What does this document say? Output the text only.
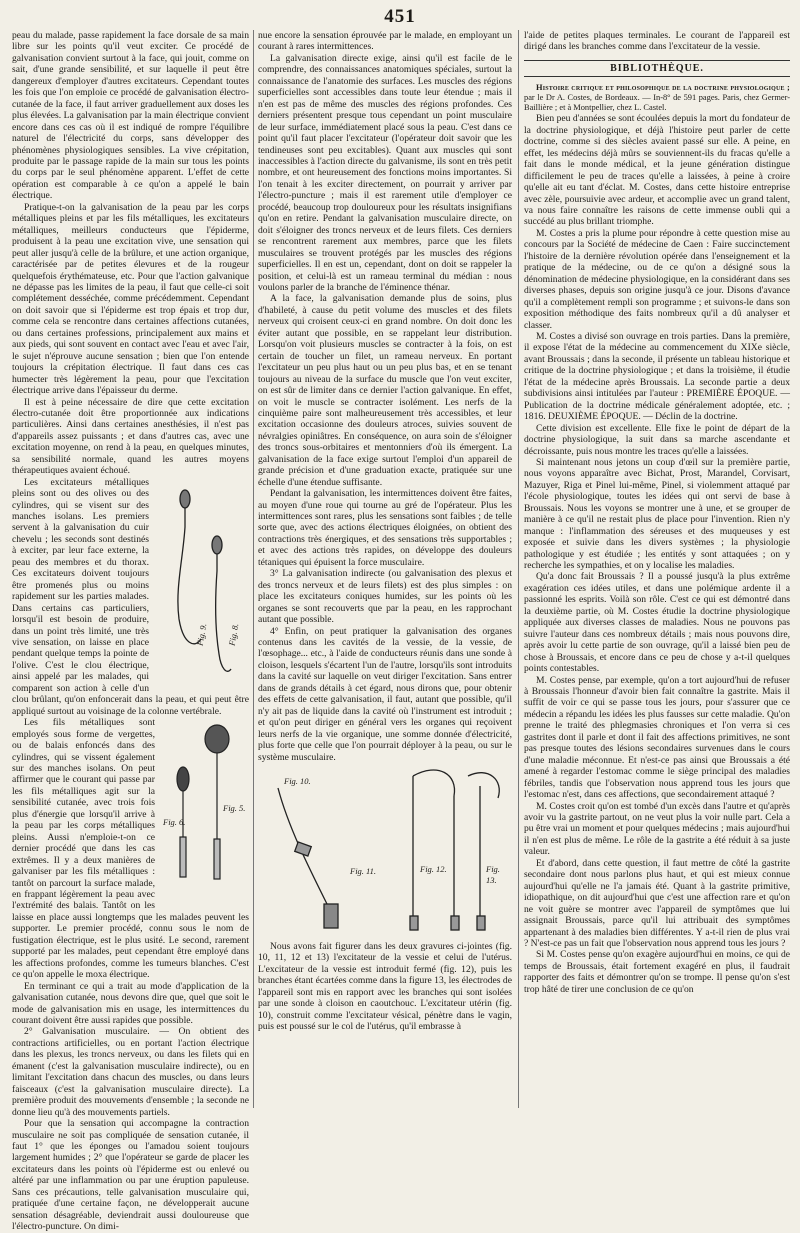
451

peau du malade, passe rapidement la face dorsale de sa main libre sur les points qu'il veut exciter. Ce procédé de galvanisation convient surtout à la face, qui jouit, comme on sait, d'une grande sensibilité, et sur laquelle il peut être dangereux d'employer d'autres excitateurs. Cependant toutes les fois que l'on emploie ce procédé de galvanisation électro-cutanée de la face, il faut arriver graduellement aux doses les plus élevées. La galvanisation par la main électrique convient encore dans ces cas où il est indiqué de rompre l'équilibre naturel de l'électricité du corps, sans développer des phénomènes physiologiques sensibles. La vive crépitation, produite par le passage rapide de la main sur tous les points du corps par le seul phénomène apparent. L'effet de cette opération est comparable à ce qu'on a appelé le bain électrique.

Pratique-t-on la galvanisation de la peau par les corps métalliques pleins et par les fils métalliques, les excitateurs métalliques, meilleurs conducteurs que l'épiderme, produisent à la peau une excitation vive, une sensation qui peut aller jusqu'à celle de la brûlure, et une action organique, caractérisée par de petites élevures et de la rougeur quelquefois érythémateuse, etc. Pour que l'action galvanique ne dépasse pas les limites de la peau, il faut que celle-ci soit complétement desséchée, comme précédemment. Cependant on doit savoir que si l'épiderme est trop épais et trop dur, comme cela se rencontre dans certaines affections cutanées, ou dans certaines professions, principalement aux mains et aux pieds, qui sont souvent en contact avec l'eau et avec l'air, le sujet n'éprouve aucune sensation ; bien que l'on entende toujours la crépitation électrique. Il faut dans ces cas humecter très légèrement la peau, pour que l'excitation électrique arrive dans l'épaisseur du derme.

Il est à peine nécessaire de dire que cette excitation électro-cutanée doit être proportionnée aux indications particulières. Ainsi dans certaines anesthésies, il n'est pas d'appareils assez puissants ; et dans d'autres cas, avec une excitation moyenne, on rend à la peau, en quelques minutes, sa sensibilité normale, quand les autres moyens thérapeutiques avaient échoué.

Fig. 9. Fig. 8.

Les excitateurs métalliques pleins sont ou des olives ou des cylindres, qui se visent sur des manches isolans. Les premiers servent à la galvanisation du cuir chevelu ; les seconds sont destinés à exciter, par leur face externe, la peau des membres et du thorax. Ces excitateurs doivent toujours être promenés plus ou moins rapidement sur les parties malades. Dans certains cas particuliers, lorsqu'il est besoin de produire, dans un point très limité, une très vive sensation, on laisse en place pendant quelque temps la pointe de l'olive. C'est le clou électrique, ainsi appelé par les malades, qui comparent son action à celle d'un clou brûlant, qu'on enfoncerait dans la peau, et qui peut être appliqué surtout au voisinage de la colonne vertébrale.

Fig. 5.
Fig. 6.

Les fils métalliques sont employés sous forme de vergettes, ou de balais enfoncés dans des cylindres, qui se vissent également sur des manches isolans. On peut affirmer que le courant qui passe par les fils métalliques agit sur la sensibilité cutanée, avec trois fois plus d'énergie que lorsqu'il arrive à la peau par les corps métalliques pleins. Aussi n'emploie-t-on ce dernier procédé que dans les cas extrêmes. Il y a deux manières de galvaniser par les fils métalliques : tantôt on parcourt la surface malade, en frappant légèrement la peau avec l'extrémité des balais. Tantôt on les laisse en place aussi longtemps que les malades peuvent les supporter. Le premier procédé, connu sous le nom de fustigation électrique, est le plus usité. Le second, rarement supporté par les malades, peut cependant être employé dans les affections profondes, comme les tumeurs blanches. C'est ce qu'on appelle le moxa électrique.

En terminant ce qui a trait au mode d'application de la galvanisation cutanée, nous devons dire que, quel que soit le mode de galvanisation mis en usage, les intermittences du courant doivent être aussi rapides que possible.

2° Galvanisation musculaire. — On obtient des contractions artificielles, ou en portant l'action électrique dans les plexus, les troncs nerveux, ou dans les filets qui en émanent (c'est la galvanisation musculaire indirecte), ou en limitant l'excitation dans chacun des muscles, ou dans leurs faisceaux (c'est la galvanisation musculaire directe). La première produit des mouvements d'ensemble ; la seconde ne donne lieu qu'à des mouvements partiels.

Pour que la sensation qui accompagne la contraction musculaire ne soit pas compliquée de sensation cutanée, il faut 1° que les éponges ou l'amadou soient toujours largement humides ; 2° que l'opérateur se garde de placer les excitateurs dans les points où l'épiderme est ou enlevé ou altéré par une inflammation ou par une éruption papuleuse. Sans ces précautions, telle galvanisation musculaire qui, pratiquée d'une certaine façon, ne développerait aucune sensation désagréable, deviendrait aussi douloureuse que l'électro-puncture. On dimi-

nue encore la sensation éprouvée par le malade, en employant un courant à rares intermittences.

La galvanisation directe exige, ainsi qu'il est facile de le comprendre, des connaissances anatomiques spéciales, surtout la connaissance de l'anatomie des surfaces. Les muscles des régions superficielles sont accessibles dans toute leur étendue ; mais il n'en est pas de même des muscles des régions profondes. Ces derniers présentent presque tous cependant un point musculaire de leur surface, immédiatement placé sous la peau. C'est dans ce point qu'il faut placer l'excitateur (l'opérateur doit savoir que les tendineuses sont peu excitables). Quant aux muscles qui sont inaccessibles à l'action directe du galvanisme, ils sont en très petit nombre, et ont heureusement des fonctions moins importantes. Si l'on tenait à les exciter directement, on pourrait y arriver par l'électro-puncture ; mais il est rarement utile d'employer ce procédé, beaucoup trop douloureux pour les résultats insignifians qu'on en retire. Pendant la galvanisation musculaire directe, on doit s'éloigner des troncs nerveux et de leurs filets. Ces derniers se rencontrent rarement aux membres, parce que les filets musculaires se trouvent protégés par les muscles des régions superficielles. Il en est un, cependant, dont on doit se rappeler la position, et celui-là est un rameau terminal du médian : nous voulons parler de la branche de l'éminence thénar.

A la face, la galvanisation demande plus de soins, plus d'habileté, à cause du petit volume des muscles et des filets nerveux qui croisent ceux-ci en grand nombre. On doit donc les éviter autant que possible, en se rappelant leur distribution. Lorsqu'on voit plusieurs muscles se contracter à la fois, on est certain de toucher un filet, un rameau nerveux. En portant l'excitateur un peu plus haut ou un peu plus bas, et en se tenant toujours au niveau de la surface du muscle que l'on veut exciter, on est sûr de limiter dans ce dernier l'action galvanique. En effet, on voit le muscle se contracter isolément. Les nerfs de la cinquième paire sont malheureusement très accessibles, et leur excitation occasionne des douleurs atroces, suivies souvent de névralgies opiniâtres. En conséquence, on aura soin de s'éloigner des troncs sous-orbitaires et mentonniers d'où ils émergent. La galvanisation de la face exige surtout l'emploi d'un appareil de grande précision et d'une graduation exacte, pratiquée sur une échelle d'une étendue suffisante.

Pendant la galvanisation, les intermittences doivent être faites, au moyen d'une roue qui tourne au gré de l'opérateur. Plus les intermittences sont rares, plus les sensations sont faibles ; de telle sorte que, avec des actions électriques éloignées, on obtient des contractions très énergiques, et des sensations très supportables ; et avec des actions très rapides, on développe des douleurs tétaniques qui épuisent la force musculaire.

3° La galvanisation indirecte (ou galvanisation des plexus et des troncs nerveux et de leurs filets) est des plus simples : on place les excitateurs coniques humides, sur les points où les organes se sont recouverts que par la peau, en les rapprochant autant que possible.

4° Enfin, on peut pratiquer la galvanisation des organes contenus dans les cavités de la vessie, de la vessie, de l'œsophage... etc., à l'aide de conducteurs réunis dans une sonde à cloison, lesquels s'écartent l'un de l'autre, lorsqu'ils sont introduits dans la cavité sur laquelle on veut diriger l'excitation. Sans entrer dans de grands détails à cet égard, nous dirons que, pour obtenir des effets de cette galvanisation, il faut, autant que possible, qu'il n'y ait pas de liquide dans la cavité où l'instrument est introduit ; et qu'on peut diriger en général vers les organes qui reçoivent leurs nerfs de la vie organique, une somme donnée d'électricité, plus forte que celle que l'on pourrait déployer à la peau, ou sur le système musculaire.

Fig. 10.
Fig. 11.	Fig. 12.	Fig. 13.

Nous avons fait figurer dans les deux gravures ci-jointes (fig. 10, 11, 12 et 13) l'excitateur de la vessie et celui de l'utérus. L'excitateur de la vessie est introduit fermé (fig. 12), puis les branches étant écartées comme dans la figure 13, les électrodes de l'appareil sont mis en rapport avec les branches qui sont isolées par une sonde à cloison en caoutchouc. L'excitateur utérin (fig. 10), construit comme l'excitateur vésical, pénètre dans le vagin, puis est poussé sur le col de l'utérus, qu'il embrasse à

l'aide de petites plaques terminales. Le courant de l'appareil est dirigé dans les branches comme dans l'excitateur de la vessie.

BIBLIOTHÈQUE.

Histoire critique et philosophique de la doctrine physiologique ; par le Dr A. Costes, de Bordeaux. — In-8° de 591 pages. Paris, chez Germer-Baillière ; et à Montpellier, chez L. Castel.

Bien peu d'années se sont écoulées depuis la mort du fondateur de la doctrine physiologique, et déjà l'histoire peut parler de cette doctrine, comme si des siècles avaient passé sur elle. A peine, en effet, les médecins déjà mûrs se souviennent-ils du fracas qu'elle a fait dans le monde médical, et la jeune génération distingue difficilement le peu de traces qu'elle a laissées, à peine à croire qu'elle ait eu tant d'éclat. M. Costes, dans cette histoire entreprise avec zèle, poursuivie avec ardeur, et accomplie avec un grand talent, va nous faire connaître les raisons de cette immense oubli qui a succédé au plus brillant triomphe.

M. Costes a pris la plume pour répondre à cette question mise au concours par la Société de médecine de Caen : Faire succinctement l'histoire de la dernière révolution opérée dans l'enseignement et la pratique de la médecine, ou de ce qu'on a désigné sous la dénomination de médecine physiologique, en la considérant dans ses diverses phases, depuis son origine jusqu'à ce jour. Disons d'avance qu'il a complètement rempli son programme ; et suivons-le dans son exposition méthodique des faits nombreux qu'il a dû analyser et classer.

M. Costes a divisé son ouvrage en trois parties. Dans la première, il expose l'état de la médecine au commencement du XIXe siècle, avant Broussais ; dans la seconde, il présente un tableau historique et critique de la doctrine physiologique ; et dans la troisième, il étudie l'état de la médecine après Broussais. La seconde partie a deux subdivisions ainsi intitulées par l'auteur : PREMIÈRE ÉPOQUE. — Publication de la doctrine médicale généralement adoptée, etc. ; 1816. DEUXIÈME ÉPOQUE. — Déclin de la doctrine.

Cette division est excellente. Elle fixe le point de départ de la doctrine physiologique, la suit dans sa marche ascendante et décroissante, puis nous montre les traces qu'elle a laissées.

Si maintenant nous jetons un coup d'œil sur la première partie, nous voyons apparaître avec Bichat, Prost, Marandel, Corvisart, Mazuyer, Riga et Pinel lui-même, Pinel, si violemment attaqué par l'école physiologique, toutes les idées qui ont servi de base à Broussais. Nous les voyons se montrer une à une, et se grouper de manière à ce qu'il ne restait plus de place pour l'invention. Rien n'y manque : l'inflammation des séreuses et des muqueuses y est exposée et suivie dans les divers systèmes ; la physiologie pathologique y est étudiée ; les entités y sont attaquées ; on y recherche les sympathies, et on y localise les maladies.

Qu'a donc fait Broussais ? Il a poussé jusqu'à la plus extrême exagération ces idées utiles, et dans une polémique ardente il a passionné les esprits. Voilà son rôle. C'est ce qui est démontré dans la deuxième partie, où M. Costes étudie la doctrine physiologique appliquée aux diverses classes de maladies. Nous ne pouvons pas suivre l'auteur dans ces nombreux détails ; mais nous pouvons dire, après avoir lu cette partie de son ouvrage, qu'il a laissé bien peu de chose à Broussais, et encore dans ce peu de chose y a-t-il quelques points contestables.

M. Costes pense, par exemple, qu'on a tort aujourd'hui de refuser à Broussais l'honneur d'avoir bien fait connaître la gastrite. Mais il suffit de voir ce qui se passe tous les jours, pour s'assurer que ce médecin a répandu les idées les plus fausses sur cette maladie. Qu'on prenne le traité des phlegmasies chroniques et l'on verra si ces gastrites dont il parle et dont il fait des affections primitives, ne sont pas presque toutes des lésions secondaires survenues dans le cours d'une maladie méconnue. Et n'est-ce pas ainsi que Broussais a été amené à regarder l'estomac comme le siège principal des maladies fébriles, tandis que l'observation nous apprend tous les jours que l'estomac n'est, dans ces affections, que secondairement attaqué ?

M. Costes croit qu'on est tombé d'un excès dans l'autre et qu'après avoir vu la gastrite partout, on ne veut plus la voir nulle part. Cela a pu être vrai un moment et pour quelques médecins ; mais aujourd'hui il n'en est plus de même. Le rôle de la gastrite a été réduit à sa juste valeur.

Et d'abord, dans cette question, il faut mettre de côté la gastrite secondaire dont nous parlons plus haut, et qui est mieux connue aujourd'hui qu'elle ne l'a jamais été. Quant à la gastrite primitive, idiopathique, on dit aujourd'hui que c'est une affection rare et qu'on ne voit guère se montrer avec l'appareil de symptômes que lui assignait Broussais, parce qu'il lui attribuait des symptômes appartenant à des maladies bien différentes. Y a-t-il rien de plus vrai ? N'est-ce pas un fait que l'observation nous apprend tous les jours ?

Si M. Costes pense qu'on exagère aujourd'hui en moins, ce qui de temps de Broussais, était fortement exagéré en plus, il faudrait rapporter des faits et démontrer qu'on se trompe. Il pense qu'on s'est trop hâté de tirer une conclusion de ce qu'on
